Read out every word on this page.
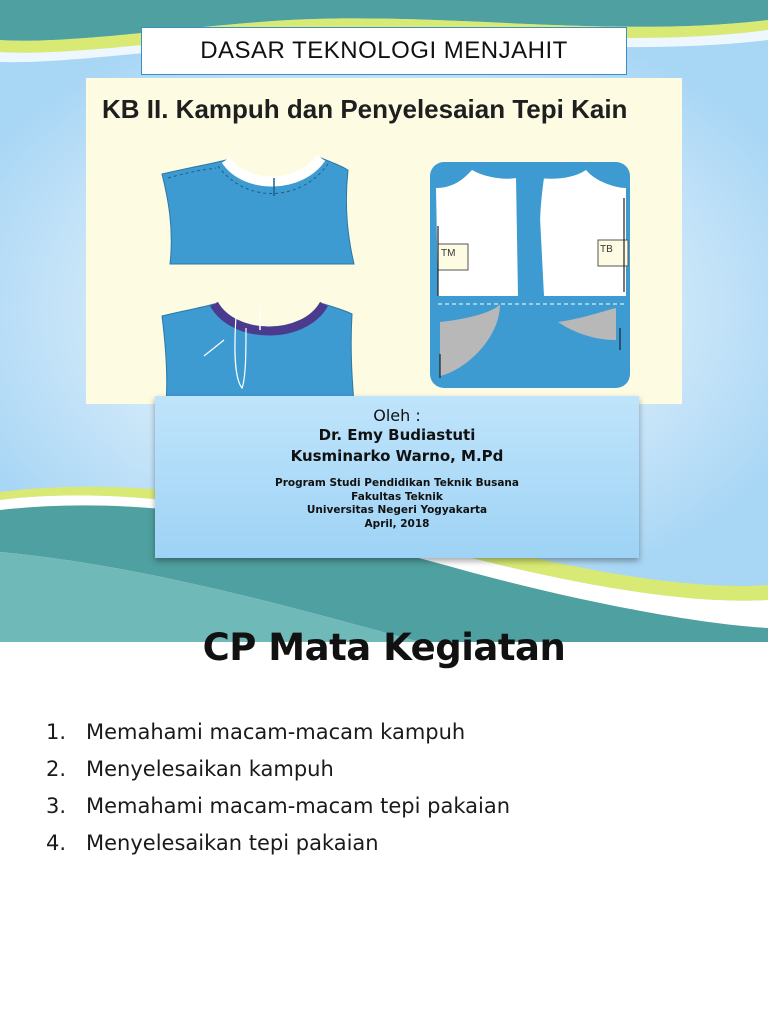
DASAR TEKNOLOGI MENJAHIT
KB II. Kampuh dan Penyelesaian Tepi Kain
TM	TB
Oleh :
Dr. Emy Budiastuti
Kusminarko Warno, M.Pd
Program Studi Pendidikan Teknik Busana
Fakultas Teknik
Universitas Negeri Yogyakarta
April, 2018
CP Mata Kegiatan
1. Memahami macam-macam kampuh
2. Menyelesaikan kampuh
3. Memahami macam-macam tepi pakaian
4. Menyelesaikan tepi pakaian
